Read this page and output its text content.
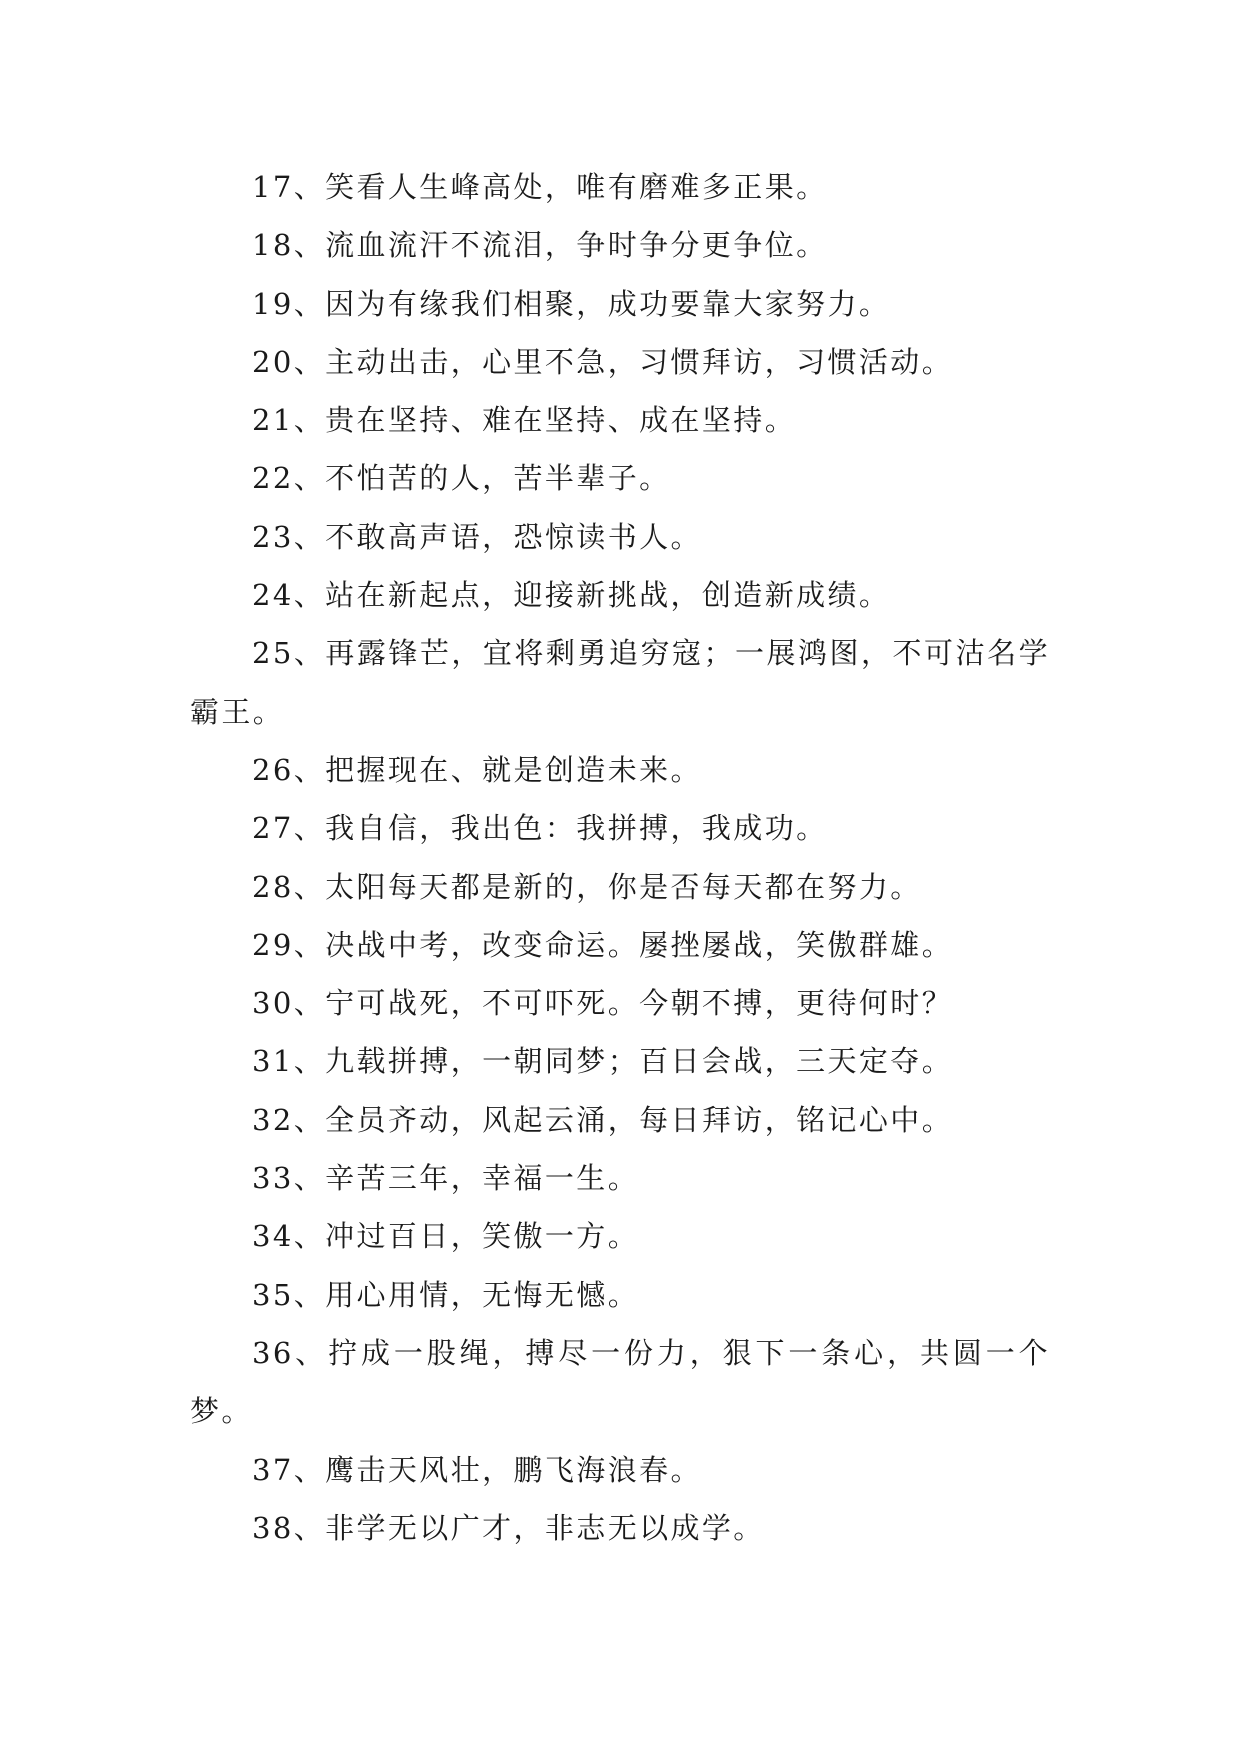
17、笑看人生峰高处，唯有磨难多正果。

18、流血流汗不流泪，争时争分更争位。

19、因为有缘我们相聚，成功要靠大家努力。

20、主动出击，心里不急，习惯拜访，习惯活动。

21、贵在坚持、难在坚持、成在坚持。

22、不怕苦的人，苦半辈子。

23、不敢高声语，恐惊读书人。

24、站在新起点，迎接新挑战，创造新成绩。

25、再露锋芒，宜将剩勇追穷寇；一展鸿图，不可沽名学霸王。

26、把握现在、就是创造未来。

27、我自信，我出色：我拼搏，我成功。

28、太阳每天都是新的，你是否每天都在努力。

29、决战中考，改变命运。屡挫屡战，笑傲群雄。

30、宁可战死，不可吓死。今朝不搏，更待何时？

31、九载拼搏，一朝同梦；百日会战，三天定夺。

32、全员齐动，风起云涌，每日拜访，铭记心中。

33、辛苦三年，幸福一生。

34、冲过百日，笑傲一方。

35、用心用情，无悔无憾。

36、拧成一股绳，搏尽一份力，狠下一条心，共圆一个梦。

37、鹰击天风壮，鹏飞海浪春。

38、非学无以广才，非志无以成学。
